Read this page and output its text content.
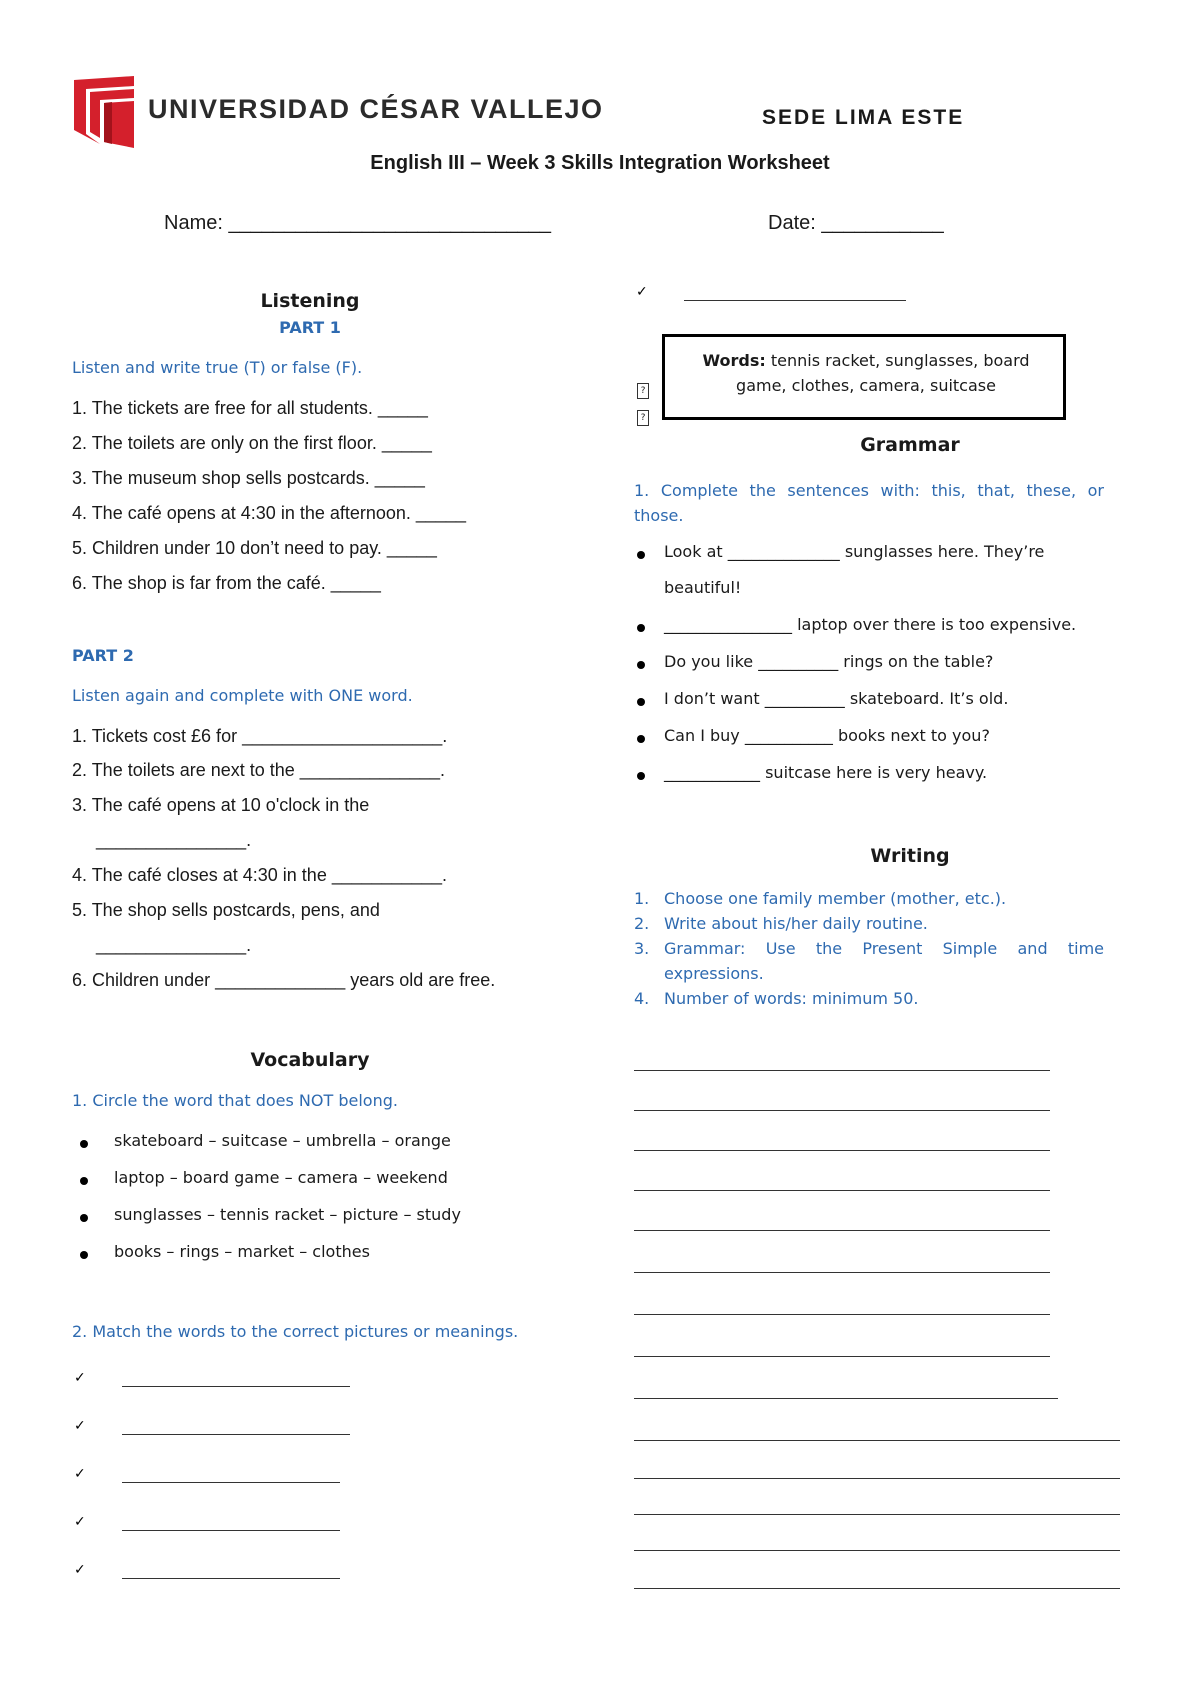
UNIVERSIDAD CÉSAR VALLEJO	SEDE LIMA ESTE
English III – Week 3 Skills Integration Worksheet
Name: _____________________________	Date: ___________
Listening
PART 1
Listen and write true (T) or false (F).
1. The tickets are free for all students. _____
2. The toilets are only on the first floor. _____
3. The museum shop sells postcards. _____
4. The café opens at 4:30 in the afternoon. _____
5. Children under 10 don’t need to pay. _____
6. The shop is far from the café. _____
PART 2
Listen again and complete with ONE word.
1. Tickets cost £6 for ____________________.
2. The toilets are next to the ______________.
3. The café opens at 10 o'clock in the
_______________.
4. The café closes at 4:30 in the ___________.
5. The shop sells postcards, pens, and
_______________.
6. Children under _____________ years old are free.
Vocabulary
1. Circle the word that does NOT belong.
skateboard – suitcase – umbrella – orange
laptop – board game – camera – weekend
sunglasses – tennis racket – picture – study
books – rings – market – clothes
2. Match the words to the correct pictures or meanings.
✓
✓
✓
✓
✓
✓
?
?
Words: tennis racket, sunglasses, board game, clothes, camera, suitcase
Grammar
1. Complete the sentences with: this, that, these, or those.
Look at ______________ sunglasses here. They’re
beautiful!
________________ laptop over there is too expensive.
Do you like __________ rings on the table?
I don’t want __________ skateboard. It’s old.
Can I buy ___________ books next to you?
____________ suitcase here is very heavy.
Writing
1. Choose one family member (mother, etc.).
2. Write about his/her daily routine.
3. Grammar: Use the Present Simple and time
expressions.
4. Number of words: minimum 50.
